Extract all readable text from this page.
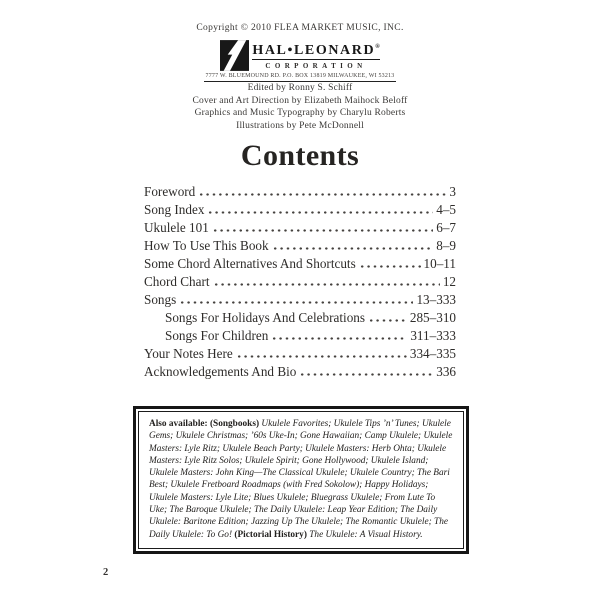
Copyright © 2010 FLEA MARKET MUSIC, INC.
HAL•LEONARD®
CORPORATION
7777 W. BLUEMOUND RD. P.O. BOX 13819 MILWAUKEE, WI 53213
Edited by Ronny S. Schiff
Cover and Art Direction by Elizabeth Maihock Beloff
Graphics and Music Typography by Charylu Roberts
Illustrations by Pete McDonnell
Contents
Foreword	3
Song Index	4–5
Ukulele 101	6–7
How To Use This Book	8–9
Some Chord Alternatives And Shortcuts	10–11
Chord Chart	12
Songs	13–333
Songs For Holidays And Celebrations	285–310
Songs For Children	311–333
Your Notes Here	334–335
Acknowledgements And Bio	336
Also available: (Songbooks) Ukulele Favorites; Ukulele Tips ’n’ Tunes; Ukulele Gems; Ukulele Christmas; ’60s Uke-In; Gone Hawaiian; Camp Ukulele; Ukulele Masters: Lyle Ritz; Ukulele Beach Party; Ukulele Masters: Herb Ohta; Ukulele Masters: Lyle Ritz Solos; Ukulele Spirit; Gone Hollywood; Ukulele Island; Ukulele Masters: John King—The Classical Ukulele; Ukulele Country; The Bari Best; Ukulele Fretboard Roadmaps (with Fred Sokolow); Happy Holidays; Ukulele Masters: Lyle Lite; Blues Ukulele; Bluegrass Ukulele; From Lute To Uke; The Baroque Ukulele; The Daily Ukulele: Leap Year Edition; The Daily Ukulele: Baritone Edition; Jazzing Up The Ukulele; The Romantic Ukulele; The Daily Ukulele: To Go! (Pictorial History) The Ukulele: A Visual History.
2
